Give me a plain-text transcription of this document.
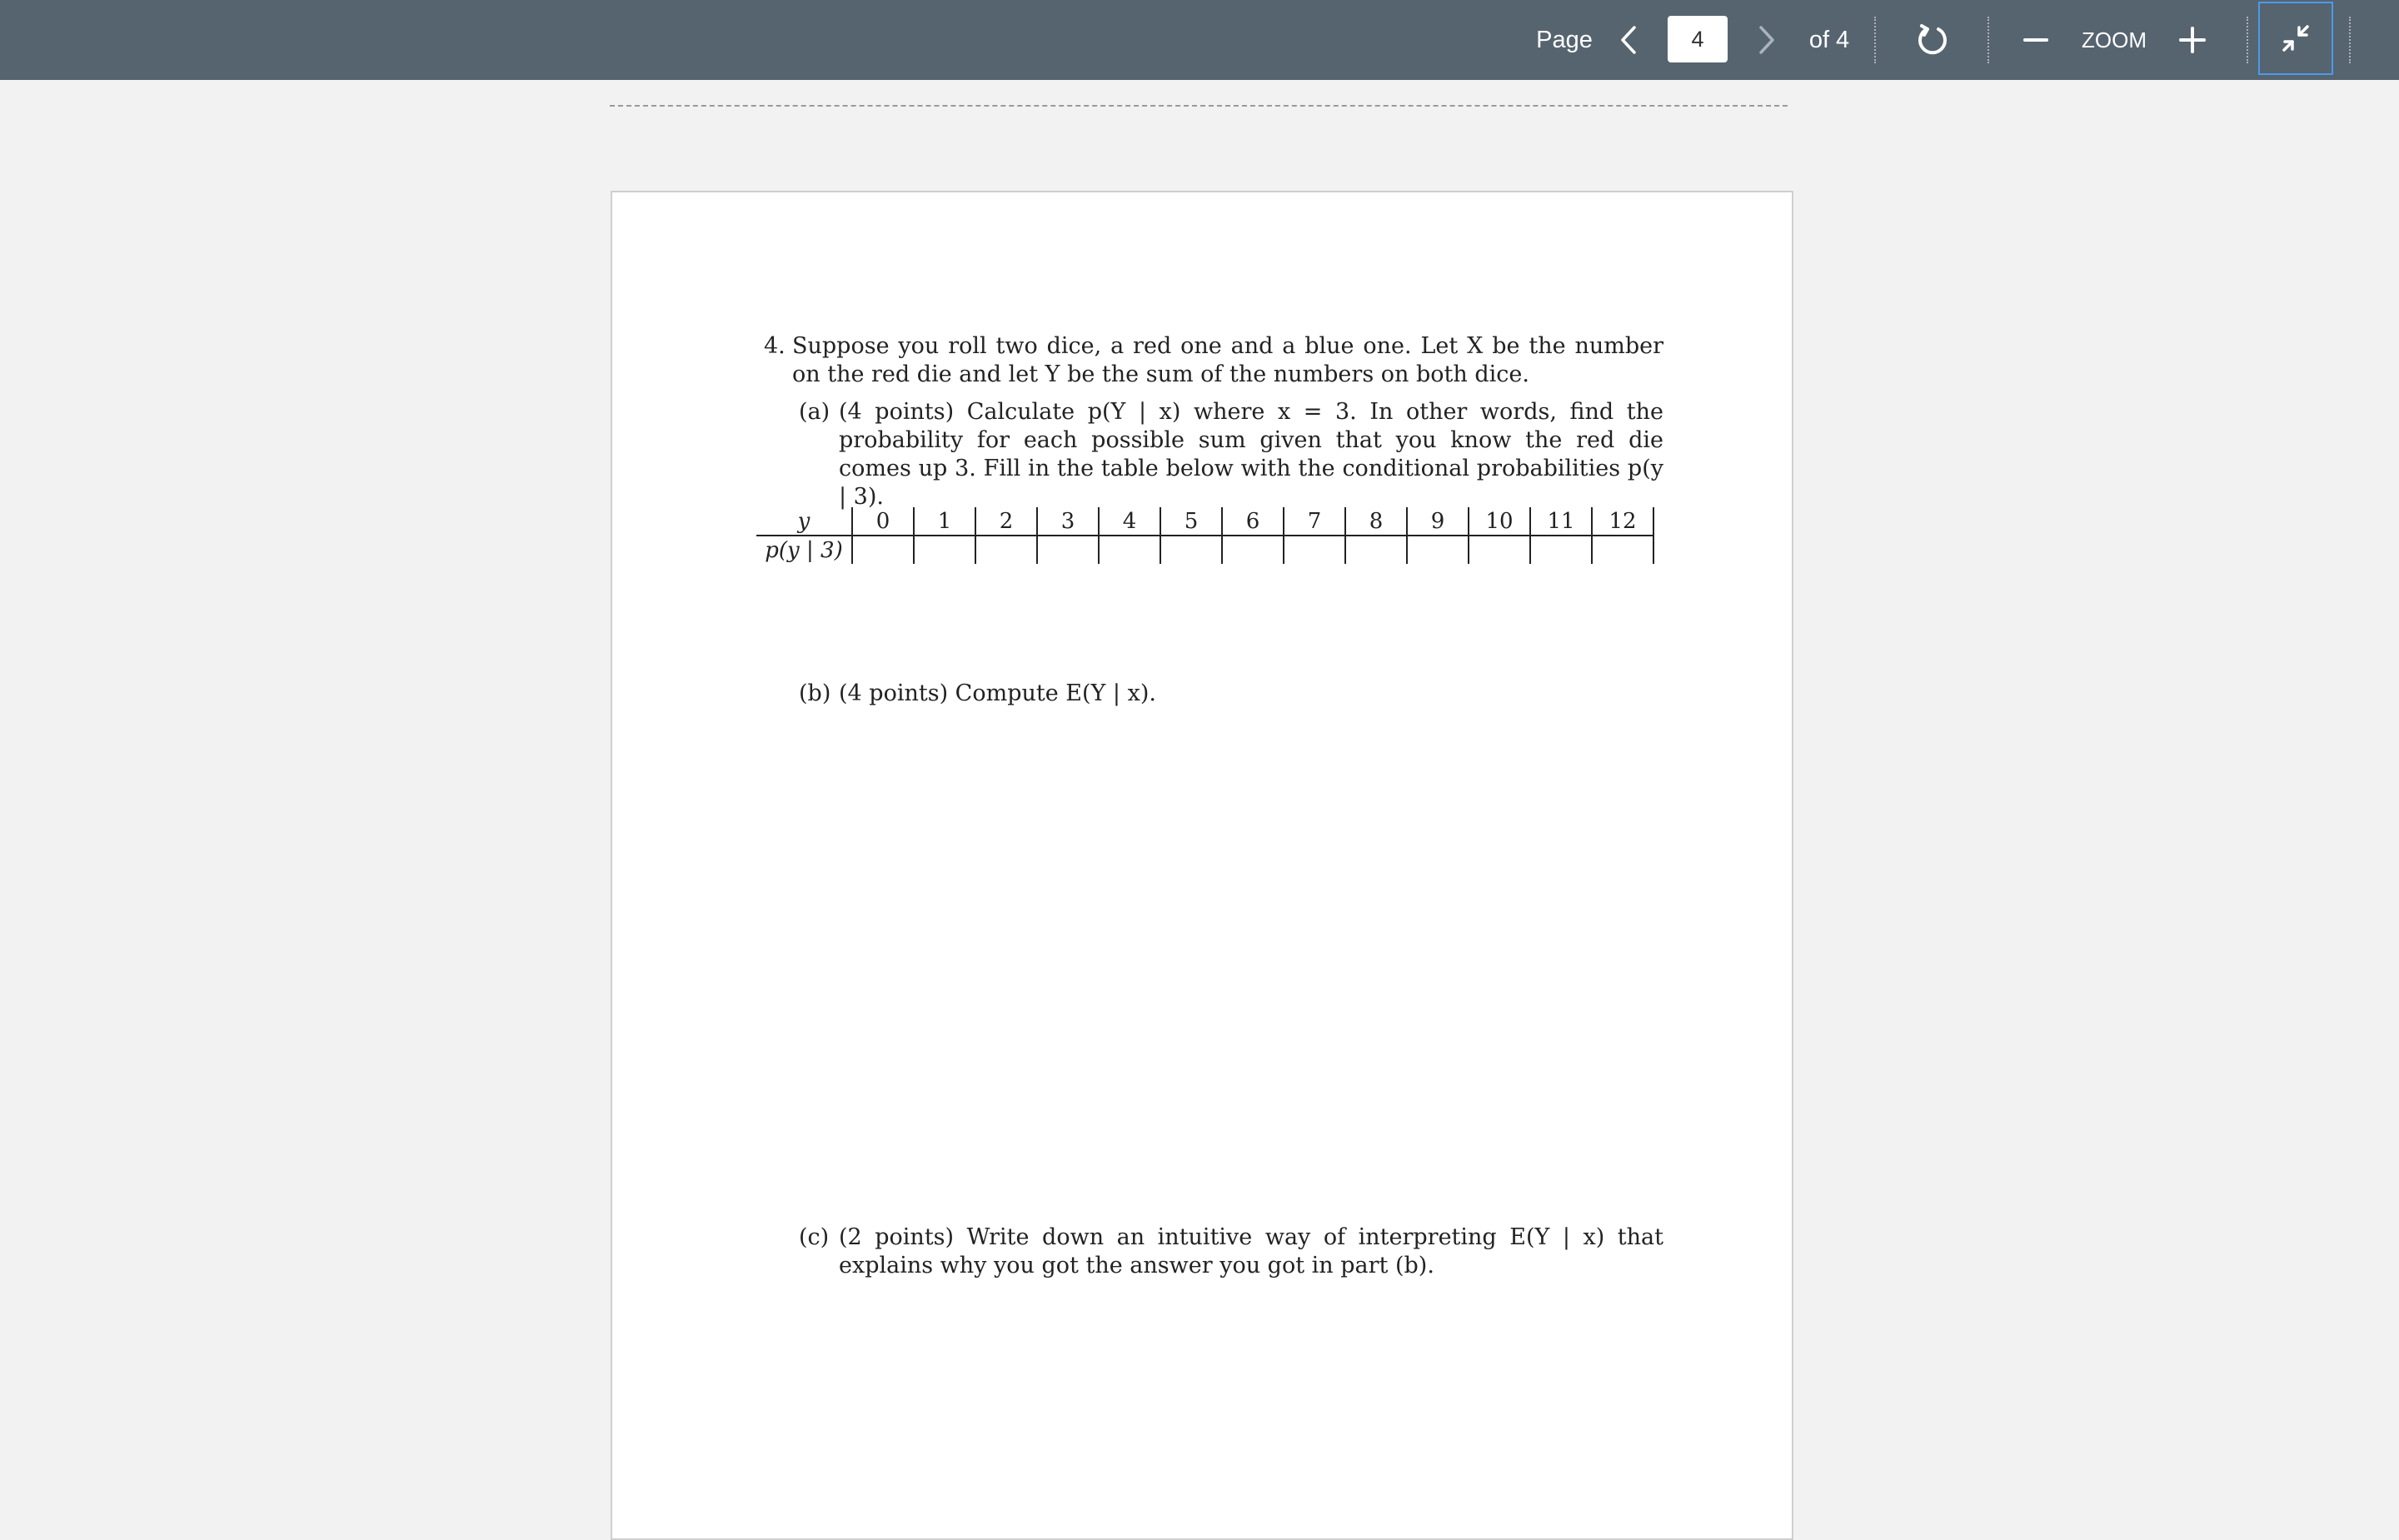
Page
4	of 4	ZOOM
4. Suppose you roll two dice, a red one and a blue one. Let X be the number on the red die and let Y be the sum of the numbers on both dice.
(a) (4 points) Calculate p(Y | x) where x = 3. In other words, find the probability for each possible sum given that you know the red die comes up 3. Fill in the table below with the conditional probabilities p(y | 3).
y	0	1	2	3	4	5	6	7	8	9	10	11	12
p(y | 3)													
(b) (4 points) Compute E(Y | x).
(c) (2 points) Write down an intuitive way of interpreting E(Y | x) that explains why you got the answer you got in part (b).
